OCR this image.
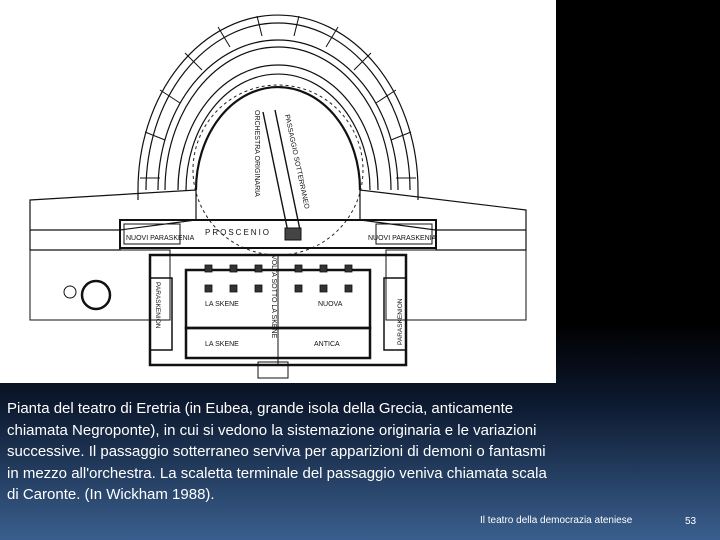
ORCHESTRA ORIGINARIA	PASSAGGIO SOTTERRANEO
PROSCENIO
NUOVI PARASKENIA	NUOVI PARASKENIA
VOLTA SOTTO LA SKENE
PARASKENION	PARASKENION
LA SKENE	NUOVA
LA SKENE	ANTICA

Pianta del teatro di Eretria (in Eubea, grande isola della Grecia, anticamente chiamata Negroponte), in cui si vedono la sistemazione originaria e le variazioni successive. Il passaggio sotterraneo serviva per apparizioni di demoni o fantasmi in mezzo all'orchestra. La scaletta terminale del passaggio veniva chiamata scala di Caronte. (In Wickham 1988).

Il teatro della democrazia ateniese	53
